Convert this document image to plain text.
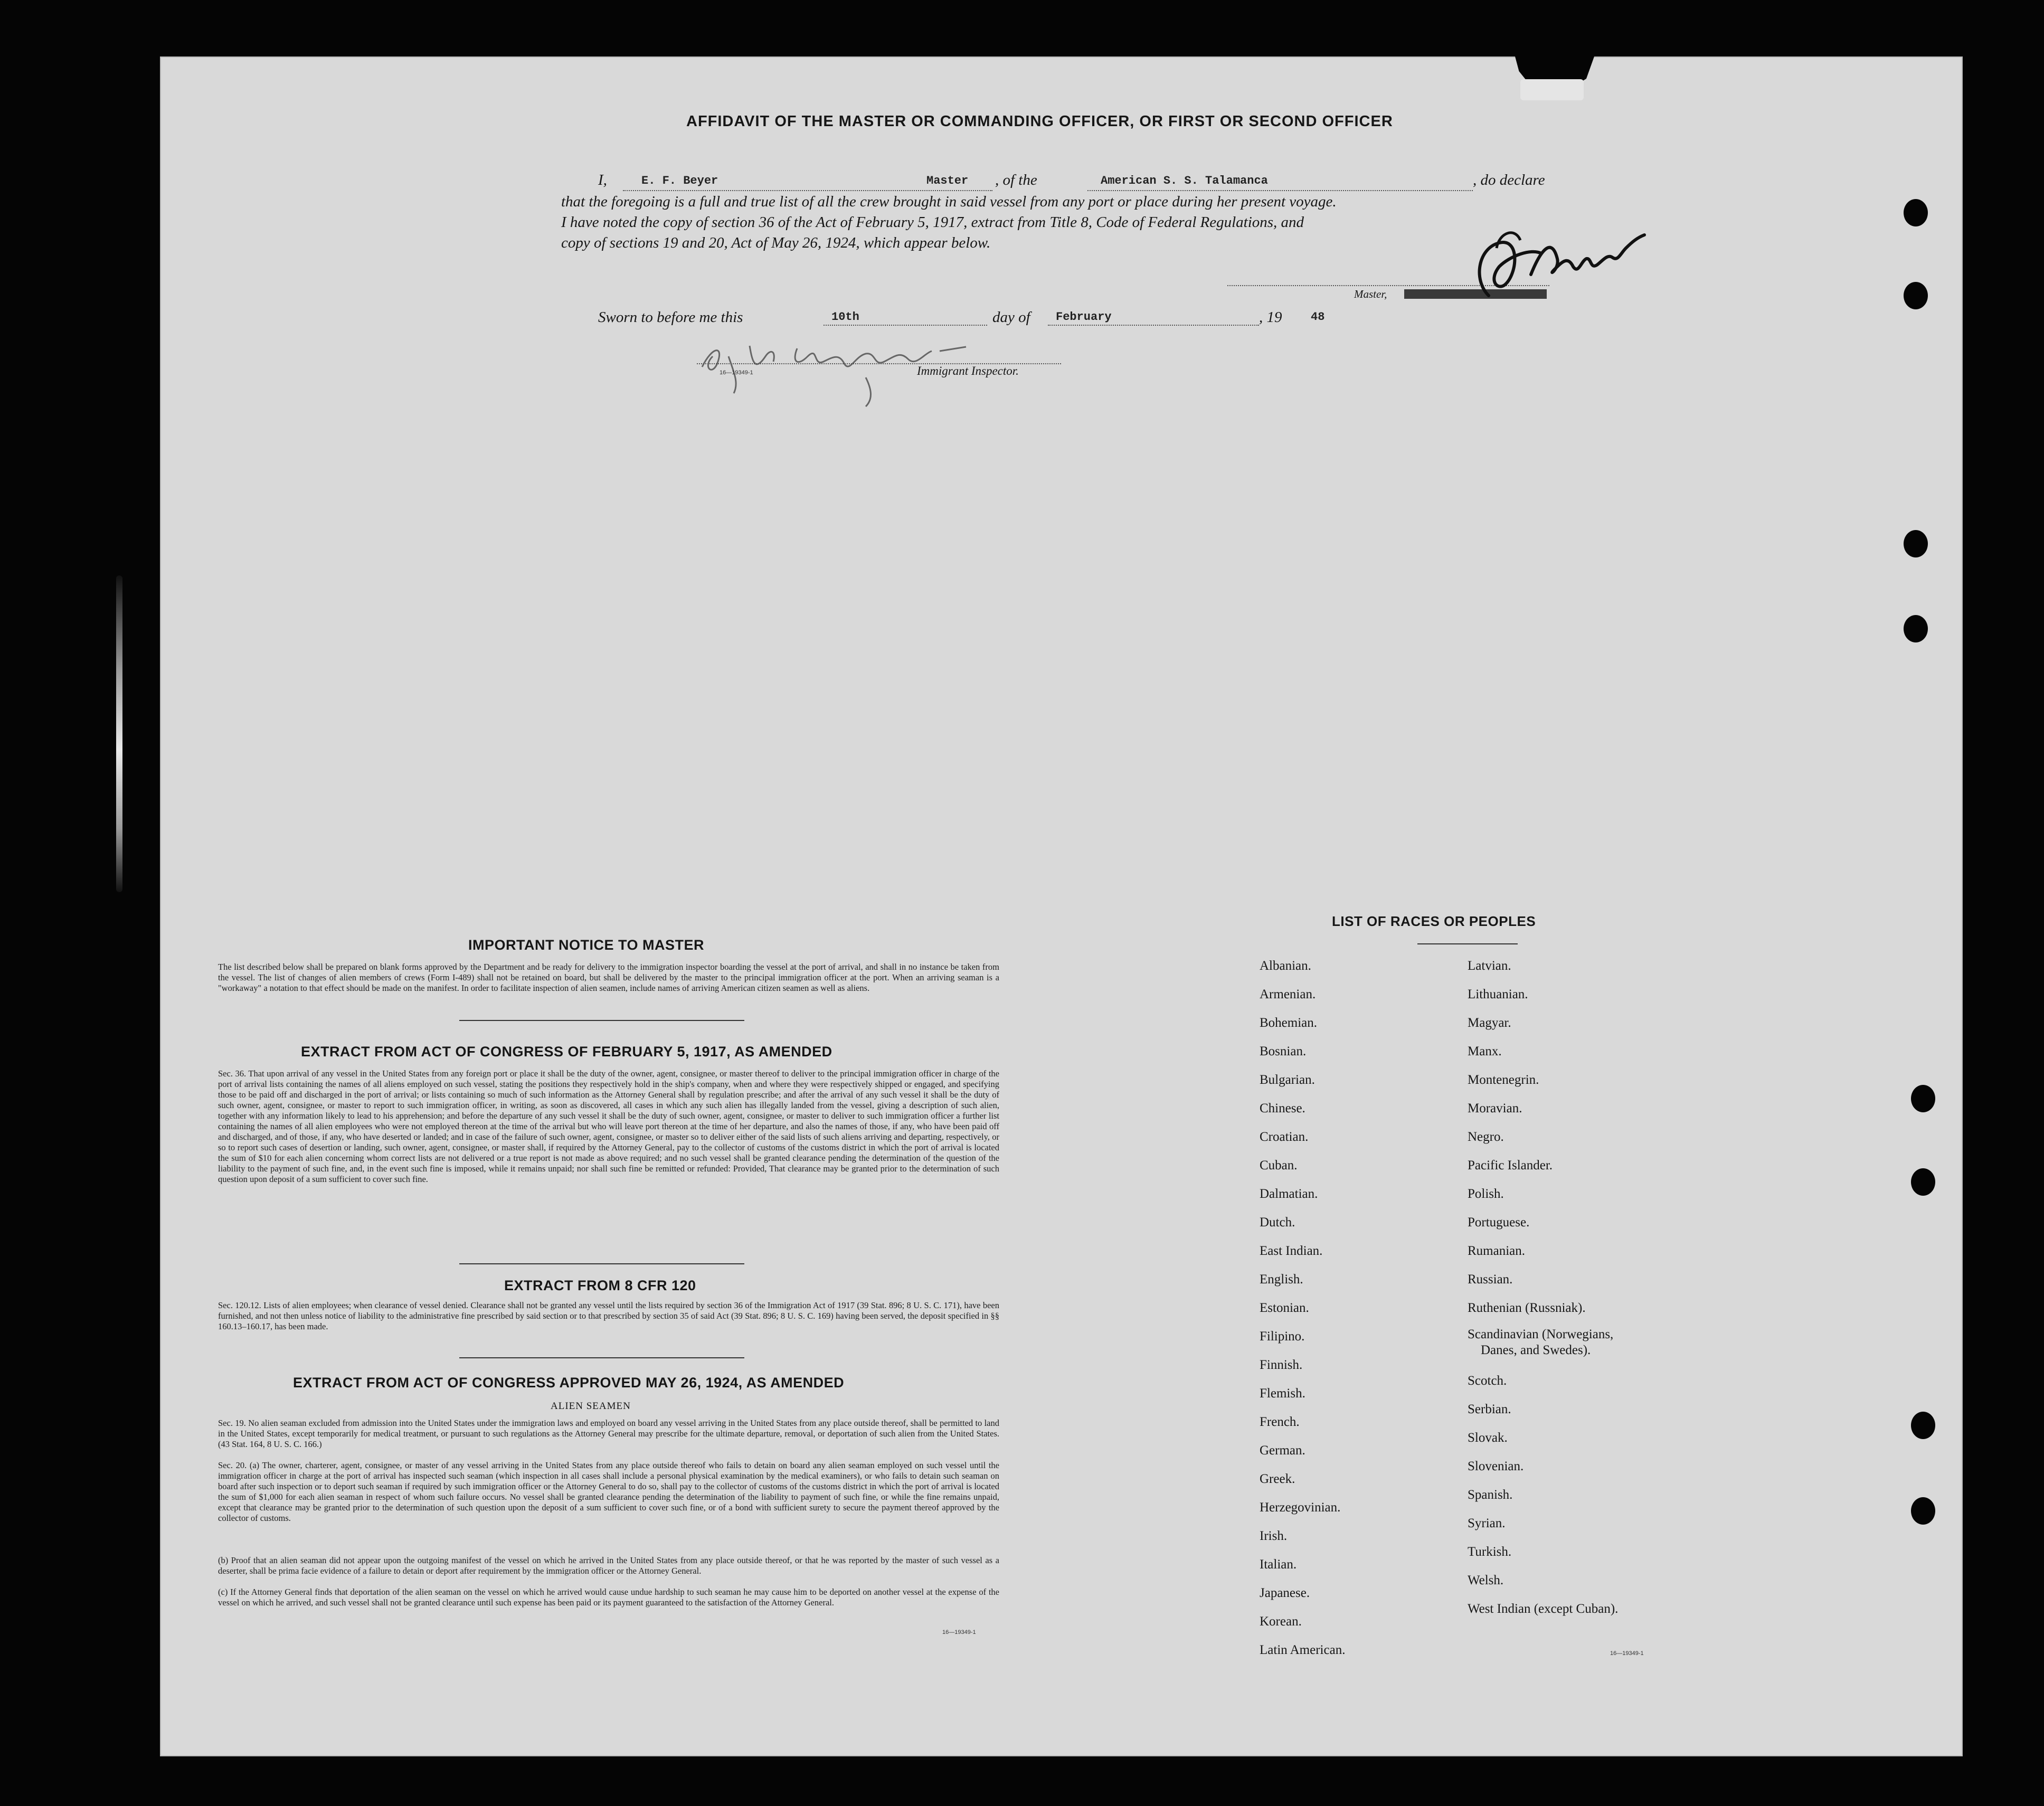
AFFIDAVIT OF THE MASTER OR COMMANDING OFFICER, OR FIRST OR SECOND OFFICER
I,	E. F. Beyer	Master , of the	American S. S. Talamanca	, do declare
that the foregoing is a full and true list of all the crew brought in said vessel from any port or place during her present voyage.
I have noted the copy of section 36 of the Act of February 5, 1917, extract from Title 8, Code of Federal Regulations, and
copy of sections 19 and 20, Act of May 26, 1924, which appear below.
Master,
Sworn to before me this	10th	day of February	, 19 48
16—19349-1	Immigrant Inspector.
IMPORTANT NOTICE TO MASTER
The list described below shall be prepared on blank forms approved by the Department and be ready for delivery to the immigration inspector boarding the vessel at the port of arrival, and shall in no instance be taken from the vessel. The list of changes of alien members of crews (Form I-489) shall not be retained on board, but shall be delivered by the master to the principal immigration officer at the port. When an arriving seaman is a "workaway" a notation to that effect should be made on the manifest. In order to facilitate inspection of alien seamen, include names of arriving American citizen seamen as well as aliens.
EXTRACT FROM ACT OF CONGRESS OF FEBRUARY 5, 1917, AS AMENDED
Sec. 36. That upon arrival of any vessel in the United States from any foreign port or place it shall be the duty of the owner, agent, consignee, or master thereof to deliver to the principal immigration officer in charge of the port of arrival lists containing the names of all aliens employed on such vessel, stating the positions they respectively hold in the ship's company, when and where they were respectively shipped or engaged, and specifying those to be paid off and discharged in the port of arrival; or lists containing so much of such information as the Attorney General shall by regulation prescribe; and after the arrival of any such vessel it shall be the duty of such owner, agent, consignee, or master to report to such immigration officer, in writing, as soon as discovered, all cases in which any such alien has illegally landed from the vessel, giving a description of such alien, together with any information likely to lead to his apprehension; and before the departure of any such vessel it shall be the duty of such owner, agent, consignee, or master to deliver to such immigration officer a further list containing the names of all alien employees who were not employed thereon at the time of the arrival but who will leave port thereon at the time of her departure, and also the names of those, if any, who have been paid off and discharged, and of those, if any, who have deserted or landed; and in case of the failure of such owner, agent, consignee, or master so to deliver either of the said lists of such aliens arriving and departing, respectively, or so to report such cases of desertion or landing, such owner, agent, consignee, or master shall, if required by the Attorney General, pay to the collector of customs of the customs district in which the port of arrival is located the sum of $10 for each alien concerning whom correct lists are not delivered or a true report is not made as above required; and no such vessel shall be granted clearance pending the determination of the question of the liability to the payment of such fine, and, in the event such fine is imposed, while it remains unpaid; nor shall such fine be remitted or refunded: Provided, That clearance may be granted prior to the determination of such question upon deposit of a sum sufficient to cover such fine.
EXTRACT FROM 8 CFR 120
Sec. 120.12. Lists of alien employees; when clearance of vessel denied. Clearance shall not be granted any vessel until the lists required by section 36 of the Immigration Act of 1917 (39 Stat. 896; 8 U. S. C. 171), have been furnished, and not then unless notice of liability to the administrative fine prescribed by said section or to that prescribed by section 35 of said Act (39 Stat. 896; 8 U. S. C. 169) having been served, the deposit specified in §§ 160.13–160.17, has been made.
EXTRACT FROM ACT OF CONGRESS APPROVED MAY 26, 1924, AS AMENDED
ALIEN SEAMEN
Sec. 19. No alien seaman excluded from admission into the United States under the immigration laws and employed on board any vessel arriving in the United States from any place outside thereof, shall be permitted to land in the United States, except temporarily for medical treatment, or pursuant to such regulations as the Attorney General may prescribe for the ultimate departure, removal, or deportation of such alien from the United States. (43 Stat. 164, 8 U. S. C. 166.)
Sec. 20. (a) The owner, charterer, agent, consignee, or master of any vessel arriving in the United States from any place outside thereof who fails to detain on board any alien seaman employed on such vessel until the immigration officer in charge at the port of arrival has inspected such seaman (which inspection in all cases shall include a personal physical examination by the medical examiners), or who fails to detain such seaman on board after such inspection or to deport such seaman if required by such immigration officer or the Attorney General to do so, shall pay to the collector of customs of the customs district in which the port of arrival is located the sum of $1,000 for each alien seaman in respect of whom such failure occurs. No vessel shall be granted clearance pending the determination of the liability to payment of such fine, or while the fine remains unpaid, except that clearance may be granted prior to the determination of such question upon the deposit of a sum sufficient to cover such fine, or of a bond with sufficient surety to secure the payment thereof approved by the collector of customs.
(b) Proof that an alien seaman did not appear upon the outgoing manifest of the vessel on which he arrived in the United States from any place outside thereof, or that he was reported by the master of such vessel as a deserter, shall be prima facie evidence of a failure to detain or deport after requirement by the immigration officer or the Attorney General.
(c) If the Attorney General finds that deportation of the alien seaman on the vessel on which he arrived would cause undue hardship to such seaman he may cause him to be deported on another vessel at the expense of the vessel on which he arrived, and such vessel shall not be granted clearance until such expense has been paid or its payment guaranteed to the satisfaction of the Attorney General.
16—19349-1
LIST OF RACES OR PEOPLES
Albanian.
Armenian.
Bohemian.
Bosnian.
Bulgarian.
Chinese.
Croatian.
Cuban.
Dalmatian.
Dutch.
East Indian.
English.
Estonian.
Filipino.
Finnish.
Flemish.
French.
German.
Greek.
Herzegovinian.
Irish.
Italian.
Japanese.
Korean.
Latin American.
Latvian.
Lithuanian.
Magyar.
Manx.
Montenegrin.
Moravian.
Negro.
Pacific Islander.
Polish.
Portuguese.
Rumanian.
Russian.
Ruthenian (Russniak).
Scandinavian (Norwegians,
Danes, and Swedes).
Scotch.
Serbian.
Slovak.
Slovenian.
Spanish.
Syrian.
Turkish.
Welsh.
West Indian (except Cuban).
16—19349-1
